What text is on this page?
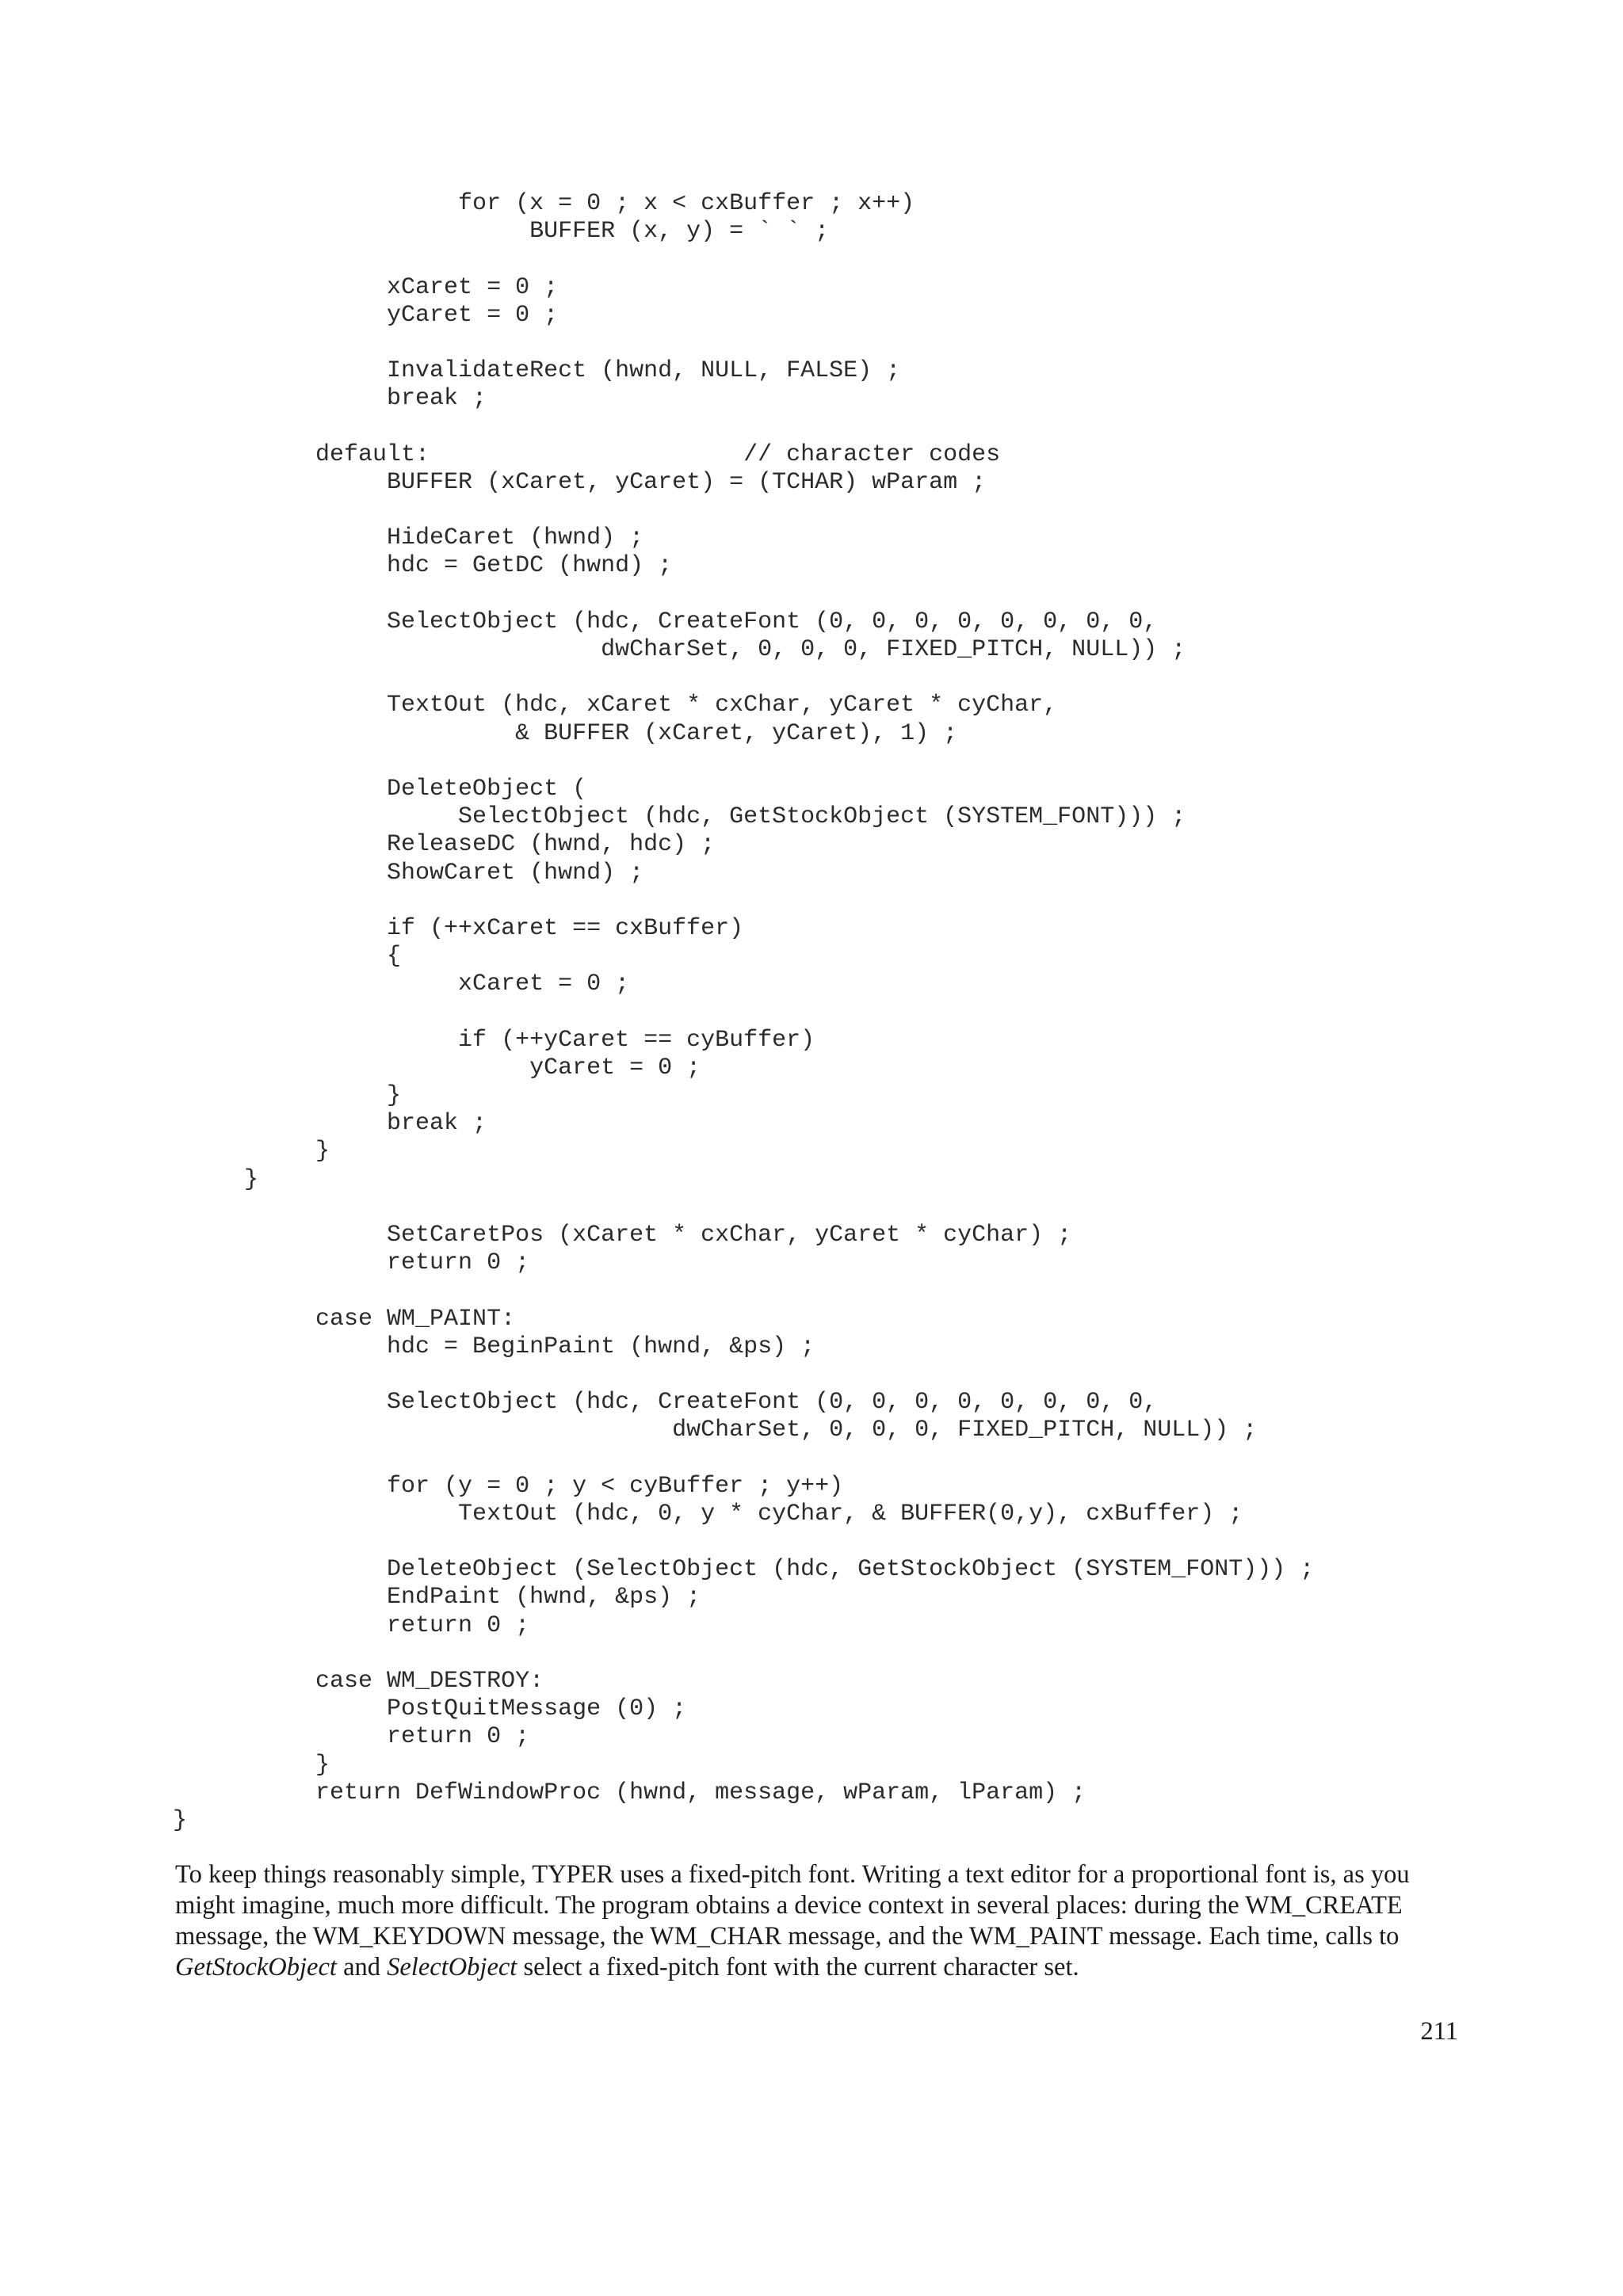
for (x = 0 ; x < cxBuffer ; x++)
BUFFER (x, y) = ` ` ;

xCaret = 0 ;
yCaret = 0 ;

InvalidateRect (hwnd, NULL, FALSE) ;
break ;

default:                      // character codes
BUFFER (xCaret, yCaret) = (TCHAR) wParam ;

HideCaret (hwnd) ;
hdc = GetDC (hwnd) ;

SelectObject (hdc, CreateFont (0, 0, 0, 0, 0, 0, 0, 0,
dwCharSet, 0, 0, 0, FIXED_PITCH, NULL)) ;

TextOut (hdc, xCaret * cxChar, yCaret * cyChar,
& BUFFER (xCaret, yCaret), 1) ;

DeleteObject (
SelectObject (hdc, GetStockObject (SYSTEM_FONT))) ;
ReleaseDC (hwnd, hdc) ;
ShowCaret (hwnd) ;

if (++xCaret == cxBuffer)
{
xCaret = 0 ;

if (++yCaret == cyBuffer)
yCaret = 0 ;
}
break ;
}
}

SetCaretPos (xCaret * cxChar, yCaret * cyChar) ;
return 0 ;

case WM_PAINT:
hdc = BeginPaint (hwnd, &ps) ;

SelectObject (hdc, CreateFont (0, 0, 0, 0, 0, 0, 0, 0,
dwCharSet, 0, 0, 0, FIXED_PITCH, NULL)) ;

for (y = 0 ; y < cyBuffer ; y++)
TextOut (hdc, 0, y * cyChar, & BUFFER(0,y), cxBuffer) ;

DeleteObject (SelectObject (hdc, GetStockObject (SYSTEM_FONT))) ;
EndPaint (hwnd, &ps) ;
return 0 ;

case WM_DESTROY:
PostQuitMessage (0) ;
return 0 ;
}
return DefWindowProc (hwnd, message, wParam, lParam) ;
}

To keep things reasonably simple, TYPER uses a fixed-pitch font. Writing a text editor for a proportional font is, as you might imagine, much more difficult. The program obtains a device context in several places: during the WM_CREATE message, the WM_KEYDOWN message, the WM_CHAR message, and the WM_PAINT message. Each time, calls to GetStockObject and SelectObject select a fixed-pitch font with the current character set.

211
